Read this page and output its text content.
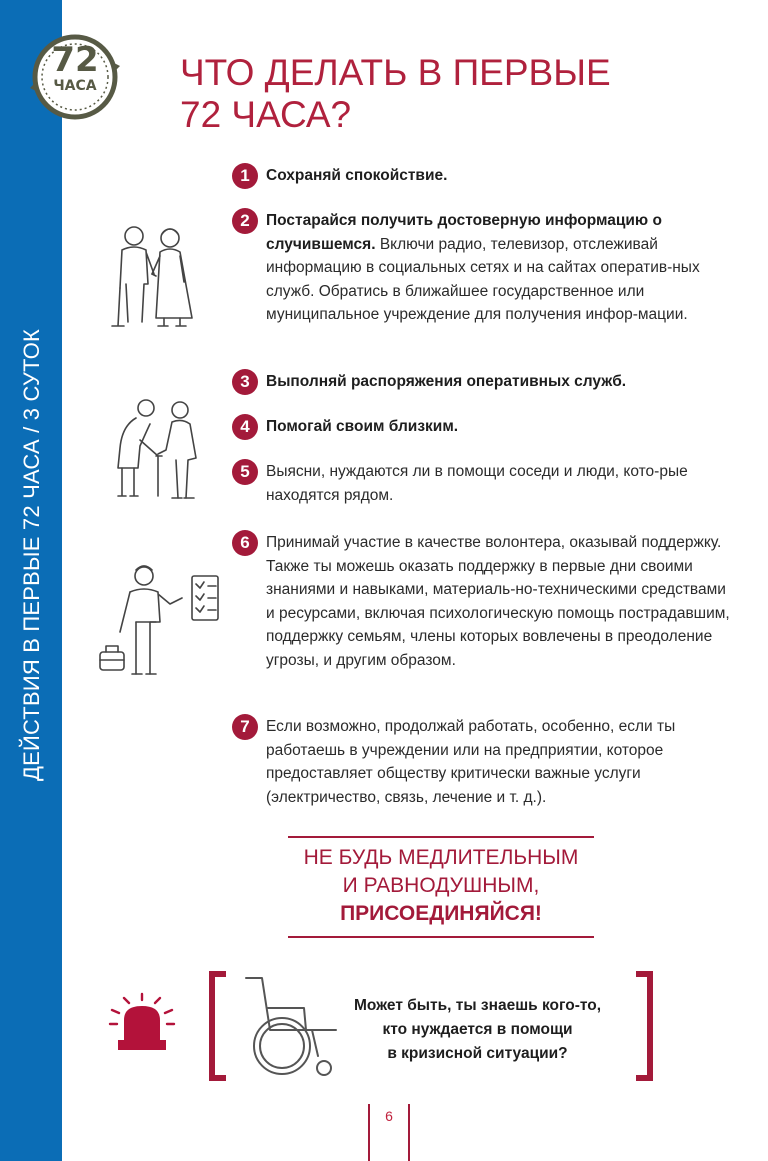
ДЕЙСТВИЯ В ПЕРВЫЕ 72 ЧАСА / 3 СУТОК
72
ЧАСА	ЧТО ДЕЛАТЬ В ПЕРВЫЕ
72 ЧАСА?
1	Сохраняй спокойствие.
2	Постарайся получить достоверную информацию о случившемся. Включи радио, телевизор, отслеживай информацию в социальных сетях и на сайтах оператив-ных служб. Обратись в ближайшее государственное или муниципальное учреждение для получения инфор-мации.
3	Выполняй распоряжения оперативных служб.
4	Помогай своим близким.
5	Выясни, нуждаются ли в помощи соседи и люди, кото-рые находятся рядом.
6	Принимай участие в качестве волонтера, оказывай поддержку. Также ты можешь оказать поддержку в первые дни своими знаниями и навыками, материаль-но-техническими средствами и ресурсами, включая психологическую помощь пострадавшим, поддержку семьям, члены которых вовлечены в преодоление угрозы, и другим образом.
7	Если возможно, продолжай работать, особенно, если ты работаешь в учреждении или на предприятии, которое предоставляет обществу критически важные услуги (электричество, связь, лечение и т. д.).
НЕ БУДЬ МЕДЛИТЕЛЬНЫМ
И РАВНОДУШНЫМ,
ПРИСОЕДИНЯЙСЯ!
Может быть, ты знаешь кого-то,
кто нуждается в помощи
в кризисной ситуации?
6
